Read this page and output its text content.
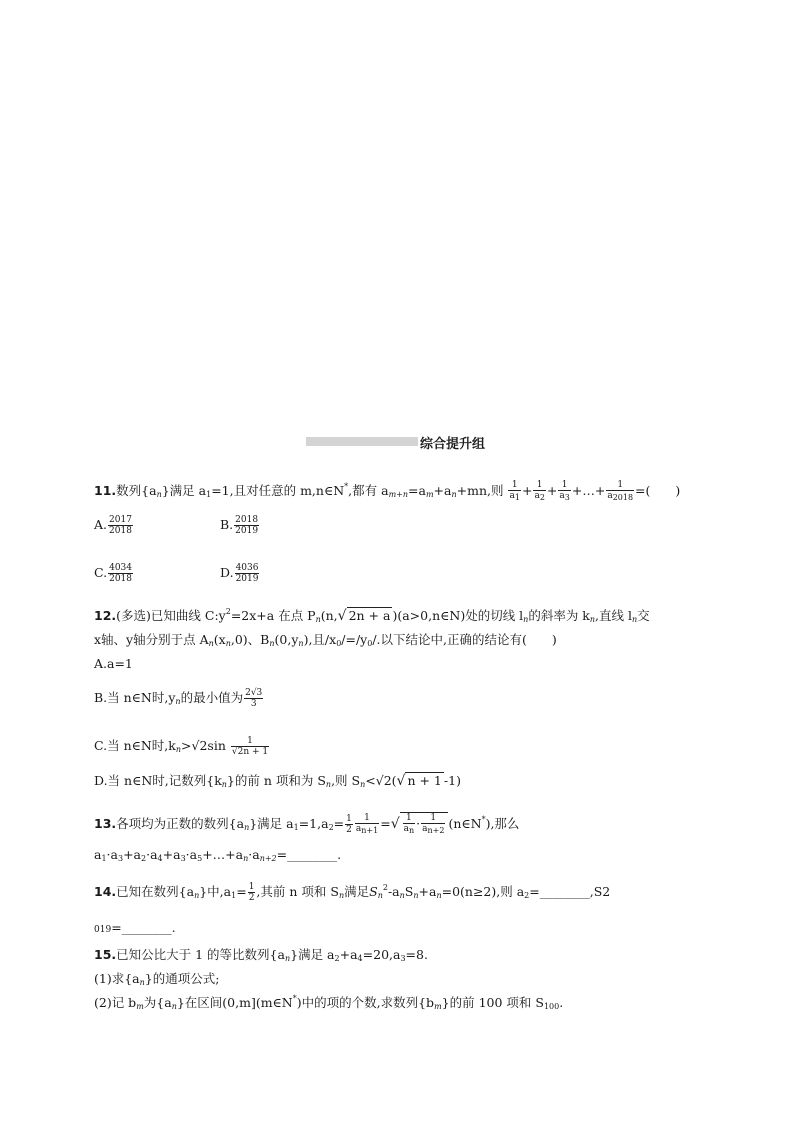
综合提升组
11.数列$\{a_n\}$满足 $a_1=1$,且对任意的 m,n∈N*,都有 $a_{m+n}=a_m+a_n+mn$,则 $\frac{1}{a_1} + \frac{1}{a_2} + \frac{1}{a_3}$ +…+ $\frac{1}{a_{2018}}$ =(　　)
A. $\frac{2017}{2018}$	B. $\frac{2018}{2019}$
C. $\frac{4034}{2018}$	D. $\frac{4036}{2019}$
12.(多选)已知曲线 $C:y^2=2x+a$ 在点 $P_n(n,√$ 2n + a )(a>0,n∈N)处的切线 $l_n$的斜率为 $k_n$,直线 $l_n$交
x轴、y轴分别于点 $A_n(x_n,0)$、$B_n(0,y_n)$,且$/x_0/=/y_0/$.以下结论中,正确的结论有(　　)
A.a=1
B.当 n∈N时$,y_n$的最小值为 $\frac{2√3}{3}$
C.当 n∈N时$,k_n>√2\sin \frac{1}{√2n + 1}$
D.当 n∈N时,记数列$\{k_n\}$的前 n 项和为 $S_n$,则 $S_n<√2(√$ n + 1 -1)
13.各项均为正数的数列$\{a_n\}$满足 $a_1=1,a_2= \frac{1}{2} \frac{1}{a_{n+1}}$ =√ $\frac{1}{a_n} \cdot \frac{1}{a_{n+2}}$ (n∈N*),那么
$a_1\cdot a_3+a_2\cdot a_4+a_3\cdot a_5+\dots+a_n\cdot a_{n+2}=\_\_\_\_\_\_\_\_$.
14.已知在数列$\{a_n\}$中$,a_1= \frac{1}{2}$ ,其前 n 项和 $S_n$满足$S_n^2-a_nS_n+a_n=0(n\ge 2)$,则 $a_2=\_\_\_\_\_\_\_\_,S2$
019=________.
15.已知公比大于 1 的等比数列$\{a_n\}$满足 $a_2+a_4=20,a_3=8$.
(1)求$\{a_n\}$的通项公式;
(2)记 $b_m$为$\{a_n\}$在区间(0,m](m∈N*)中的项的个数,求数列$\{b_m\}$的前 100 项和 $S_{100}$.
